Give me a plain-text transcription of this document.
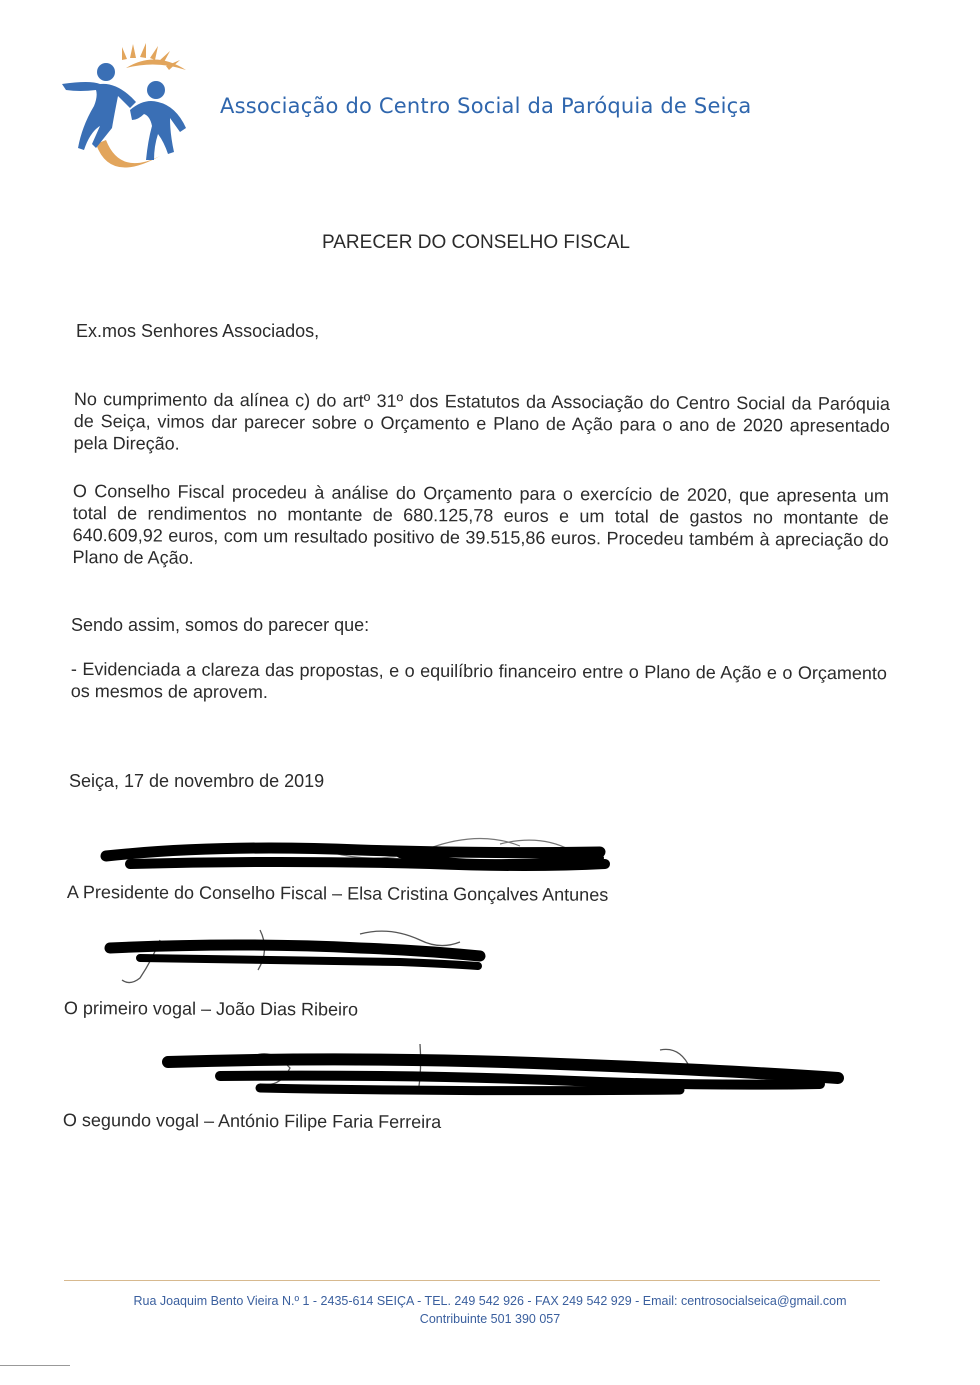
Associação do Centro Social da Paróquia de Seiça
PARECER DO CONSELHO FISCAL
Ex.mos Senhores Associados,
No cumprimento da alínea c) do artº 31º dos Estatutos da Associação do Centro Social da Paróquia de Seiça, vimos dar parecer sobre o Orçamento e Plano de Ação para o ano de 2020 apresentado pela Direção.
O Conselho Fiscal procedeu à análise do Orçamento para o exercício de 2020, que apresenta um total de rendimentos no montante de 680.125,78 euros e um total de gastos no montante de 640.609,92 euros, com um resultado positivo de 39.515,86 euros. Procedeu também à apreciação do Plano de Ação.
Sendo assim, somos do parecer que:
- Evidenciada a clareza das propostas, e o equilíbrio financeiro entre o Plano de Ação e o Orçamento os mesmos de aprovem.
Seiça, 17 de novembro de 2019
A Presidente do Conselho Fiscal – Elsa Cristina Gonçalves Antunes
O primeiro vogal – João Dias Ribeiro
O segundo vogal – António Filipe Faria Ferreira
Rua Joaquim Bento Vieira N.º 1 - 2435-614 SEIÇA - TEL. 249 542 926 - FAX 249 542 929 - Email: centrosocialseica@gmail.com
Contribuinte 501 390 057
